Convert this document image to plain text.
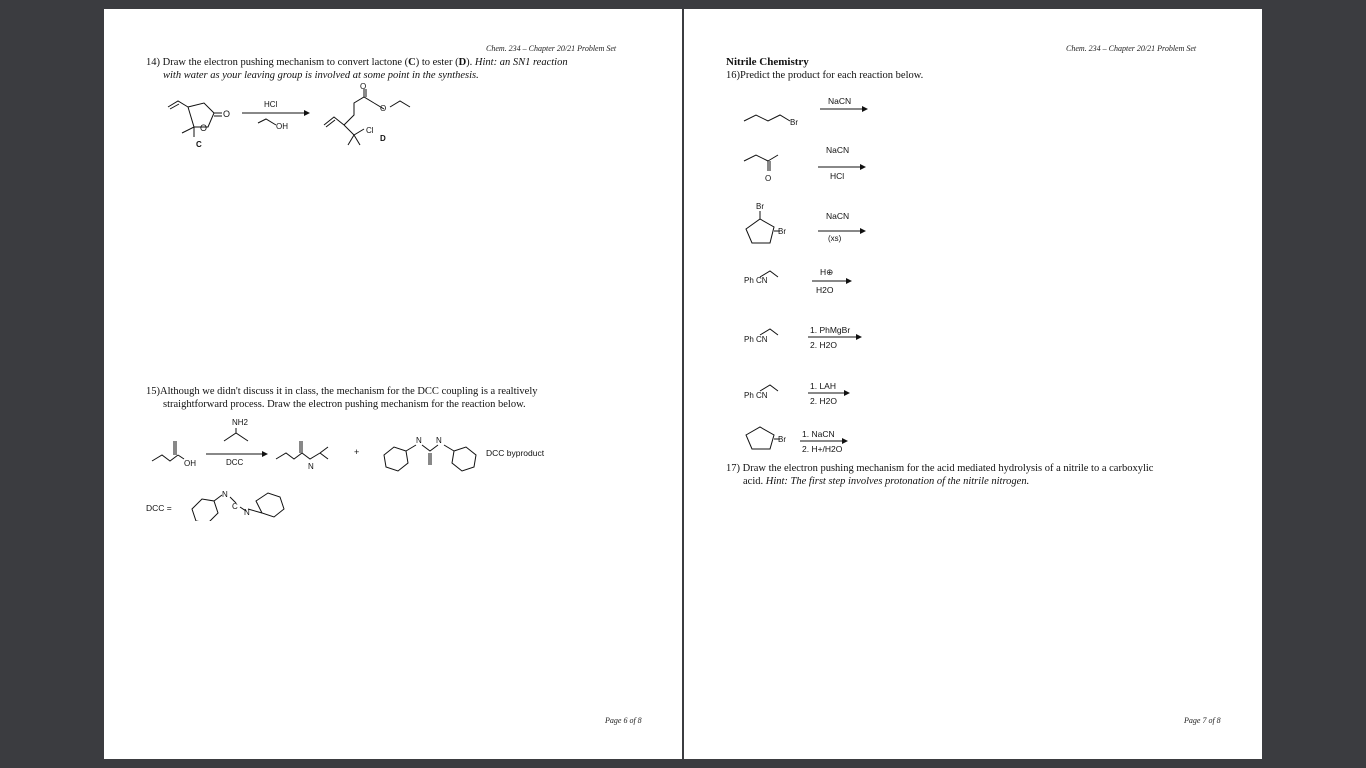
Chem. 234 – Chapter 20/21 Problem Set
14) Draw the electron pushing mechanism to convert lactone (C) to ester (D). Hint: an SN1 reaction
with water as your leaving group is involved at some point in the synthesis.
O
O
C
HCl
OH
O
O
Cl
D
15)Although we didn't discuss it in class, the mechanism for the DCC coupling is a realtively
straightforward process. Draw the electron pushing mechanism for the reaction below.
OH
NH2
DCC	N
+
N N
DCC byproduct
DCC =
N
C
N
Page 6 of 8
Chem. 234 – Chapter 20/21 Problem Set
Nitrile Chemistry
16)Predict the product for each reaction below.
Br
NaCN
O
NaCN
HCl
Br
Br
NaCN
(xs)
Ph CN
H⊕
H2O
Ph CN
1. PhMgBr
2. H2O
Ph CN
1. LAH
2. H2O
Br
1. NaCN
2. H+/H2O
17) Draw the electron pushing mechanism for the acid mediated hydrolysis of a nitrile to a carboxylic
acid. Hint: The first step involves protonation of the nitrile nitrogen.
Page 7 of 8
